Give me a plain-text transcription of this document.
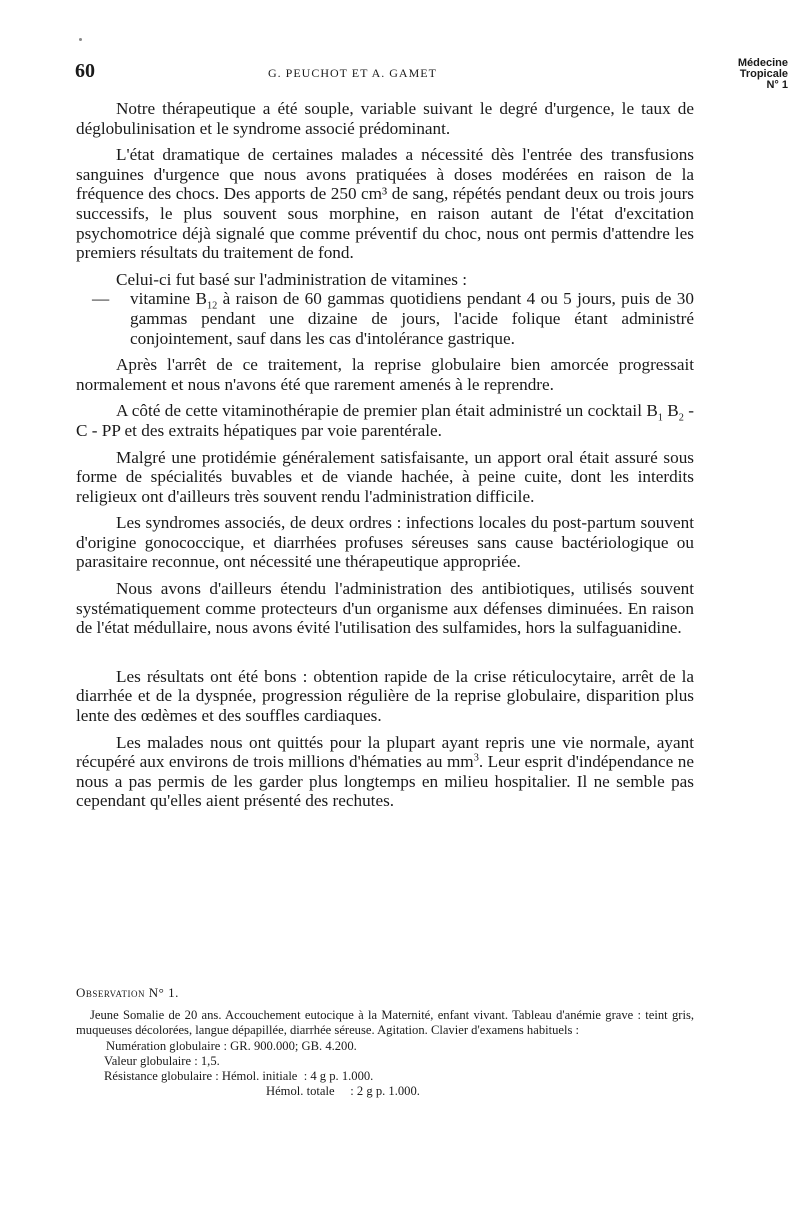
60	G. PEUCHOT ET A. GAMET
Médecine
Tropicale
N° 1

Notre thérapeutique a été souple, variable suivant le degré d'urgence, le taux de déglobulinisation et le syndrome associé prédominant.

L'état dramatique de certaines malades a nécessité dès l'entrée des transfusions sanguines d'urgence que nous avons pratiquées à doses modérées en raison de la fréquence des chocs. Des apports de 250 cm³ de sang, répétés pendant deux ou trois jours successifs, le plus souvent sous morphine, en raison autant de l'état d'excitation psychomotrice déjà signalé que comme préventif du choc, nous ont permis d'attendre les premiers résultats du traitement de fond.

Celui-ci fut basé sur l'administration de vitamines :

— vitamine $B_{12}$ à raison de 60 gammas quotidiens pendant 4 ou 5 jours, puis de 30 gammas pendant une dizaine de jours, l'acide folique étant administré conjointement, sauf dans les cas d'intolérance gastrique.

Après l'arrêt de ce traitement, la reprise globulaire bien amorcée progressait normalement et nous n'avons été que rarement amenés à le reprendre.

A côté de cette vitaminothérapie de premier plan était administré un cocktail $B_1$ $B_2$ - C - PP et des extraits hépatiques par voie parentérale.

Malgré une protidémie généralement satisfaisante, un apport oral était assuré sous forme de spécialités buvables et de viande hachée, à peine cuite, dont les interdits religieux ont d'ailleurs très souvent rendu l'administration difficile.

Les syndromes associés, de deux ordres : infections locales du post-partum souvent d'origine gonococcique, et diarrhées profuses séreuses sans cause bactériologique ou parasitaire reconnue, ont nécessité une thérapeutique appropriée.

Nous avons d'ailleurs étendu l'administration des antibiotiques, utilisés souvent systématiquement comme protecteurs d'un organisme aux défenses diminuées. En raison de l'état médullaire, nous avons évité l'utilisation des sulfamides, hors la sulfaguanidine.

Les résultats ont été bons : obtention rapide de la crise réticulocytaire, arrêt de la diarrhée et de la dyspnée, progression régulière de la reprise globulaire, disparition plus lente des œdèmes et des souffles cardiaques.

Les malades nous ont quittés pour la plupart ayant repris une vie normale, ayant récupéré aux environs de trois millions d'hématies au $mm^3$. Leur esprit d'indépendance ne nous a pas permis de les garder plus longtemps en milieu hospitalier. Il ne semble pas cependant qu'elles aient présenté des rechutes.

Observation N° 1.

Jeune Somalie de 20 ans. Accouchement eutocique à la Maternité, enfant vivant. Tableau d'anémie grave : teint gris, muqueuses décolorées, langue dépapillée, diarrhée séreuse. Agitation. Clavier d'examens habituels :

Numération globulaire : GR. 900.000; GB. 4.200.
Valeur globulaire : 1,5.
Résistance globulaire : Hémol. initiale  : 4 g p. 1.000.
Hémol. totale     : 2 g p. 1.000.
